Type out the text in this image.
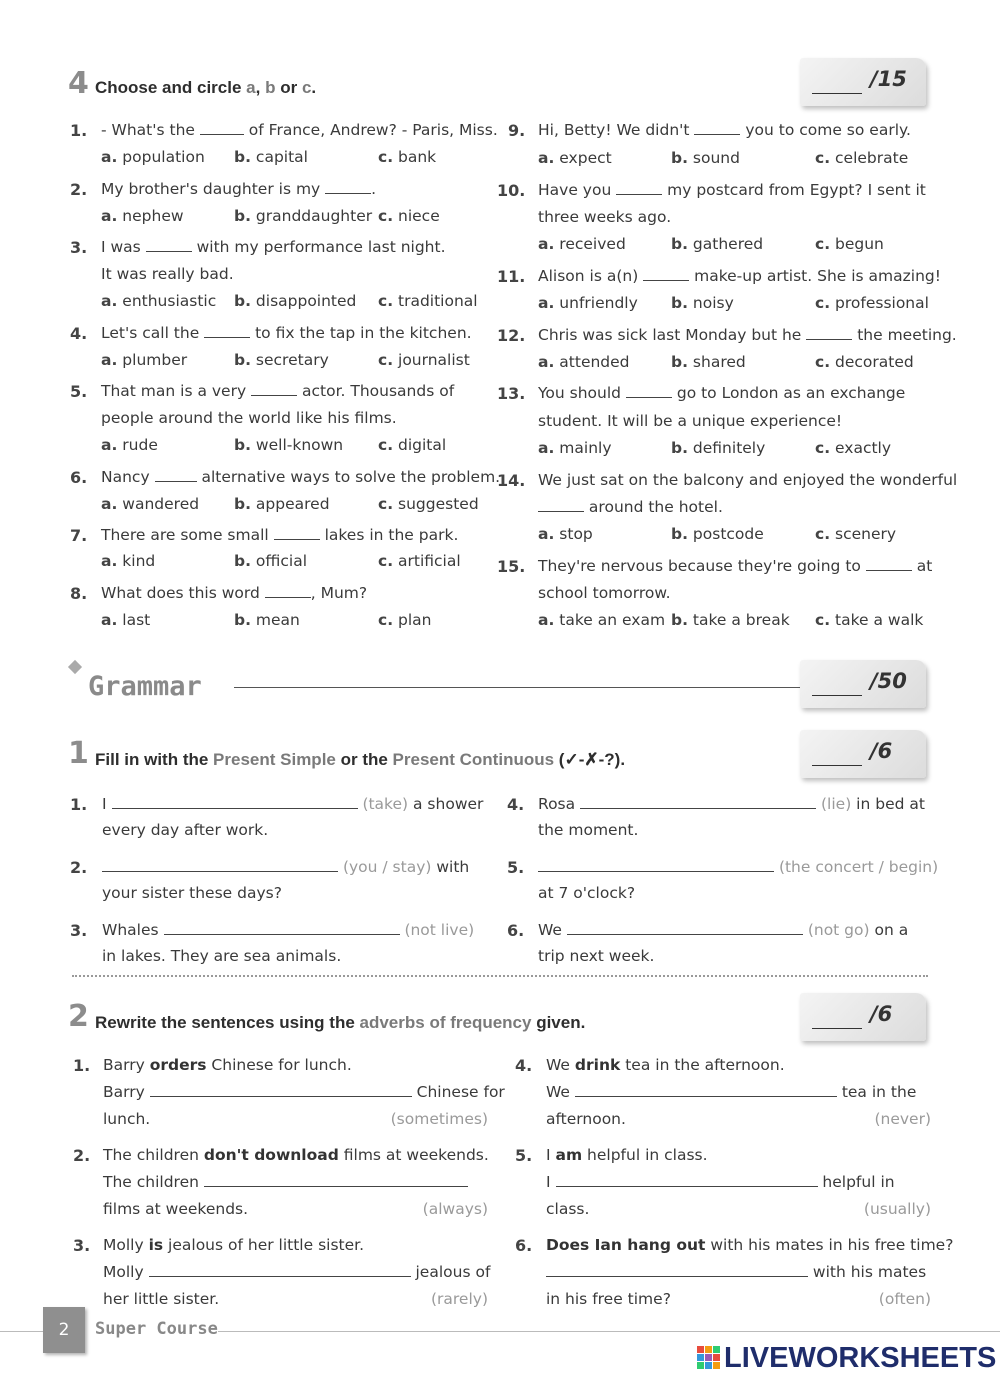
4 Choose and circle a, b or c.	/15
1. - What's the	of France, Andrew? - Paris, Miss.
a. population b. capital	c. bank
2. My brother's daughter is my	.
a. nephew	b. granddaughter c. niece
3. I was	with my performance last night.
It was really bad.
a. enthusiastic b. disappointed c. traditional
4. Let's call the	to fix the tap in the kitchen.
a. plumber	b. secretary	c. journalist
5. That man is a very	actor. Thousands of
people around the world like his films.
a. rude	b. well-known c. digital
6. Nancy	alternative ways to solve the problem.
a. wandered b. appeared	c. suggested
7. There are some small	lakes in the park.
a. kind	b. official	c. artificial
8. What does this word	, Mum?
a. last	b. mean	c. plan
9. Hi, Betty! We didn't	you to come so early.
a. expect	b. sound	c. celebrate
10. Have you	my postcard from Egypt? I sent it
three weeks ago.
a. received	b. gathered	c. begun
11. Alison is a(n)	make-up artist. She is amazing!
a. unfriendly b. noisy	c. professional
12. Chris was sick last Monday but he	the meeting.
a. attended	b. shared	c. decorated
13. You should	go to London as an exchange
student. It will be a unique experience!
a. mainly	b. definitely	c. exactly
14. We just sat on the balcony and enjoyed the wonderful
around the hotel.
a. stop	b. postcode	c. scenery
15. They're nervous because they're going to	at
school tomorrow.
a. take an exam b. take a break c. take a walk
Grammar	/50
1 Fill in with the Present Simple or the Present Continuous (✓-✗-?).	/6
1. I	(take) a shower
every day after work.
2.	(you / stay) with
your sister these days?
3. Whales	(not live)
in lakes. They are sea animals.
4. Rosa	(lie) in bed at
the moment.
5.	(the concert / begin)
at 7 o'clock?
6. We	(not go) on a
trip next week.
2 Rewrite the sentences using the adverbs of frequency given.	/6
1. Barry orders Chinese for lunch.
Barry	Chinese for
lunch.	(sometimes)
2. The children don't download films at weekends.
The children
films at weekends.	(always)
3. Molly is jealous of her little sister.
Molly	jealous of
her little sister.	(rarely)
4. We drink tea in the afternoon.
We	tea in the
afternoon.	(never)
5. I am helpful in class.
I	helpful in
class.	(usually)
6. Does Ian hang out with his mates in his free time?
with his mates
in his free time?	(often)
2	Super Course
LIVEWORKSHEETS
